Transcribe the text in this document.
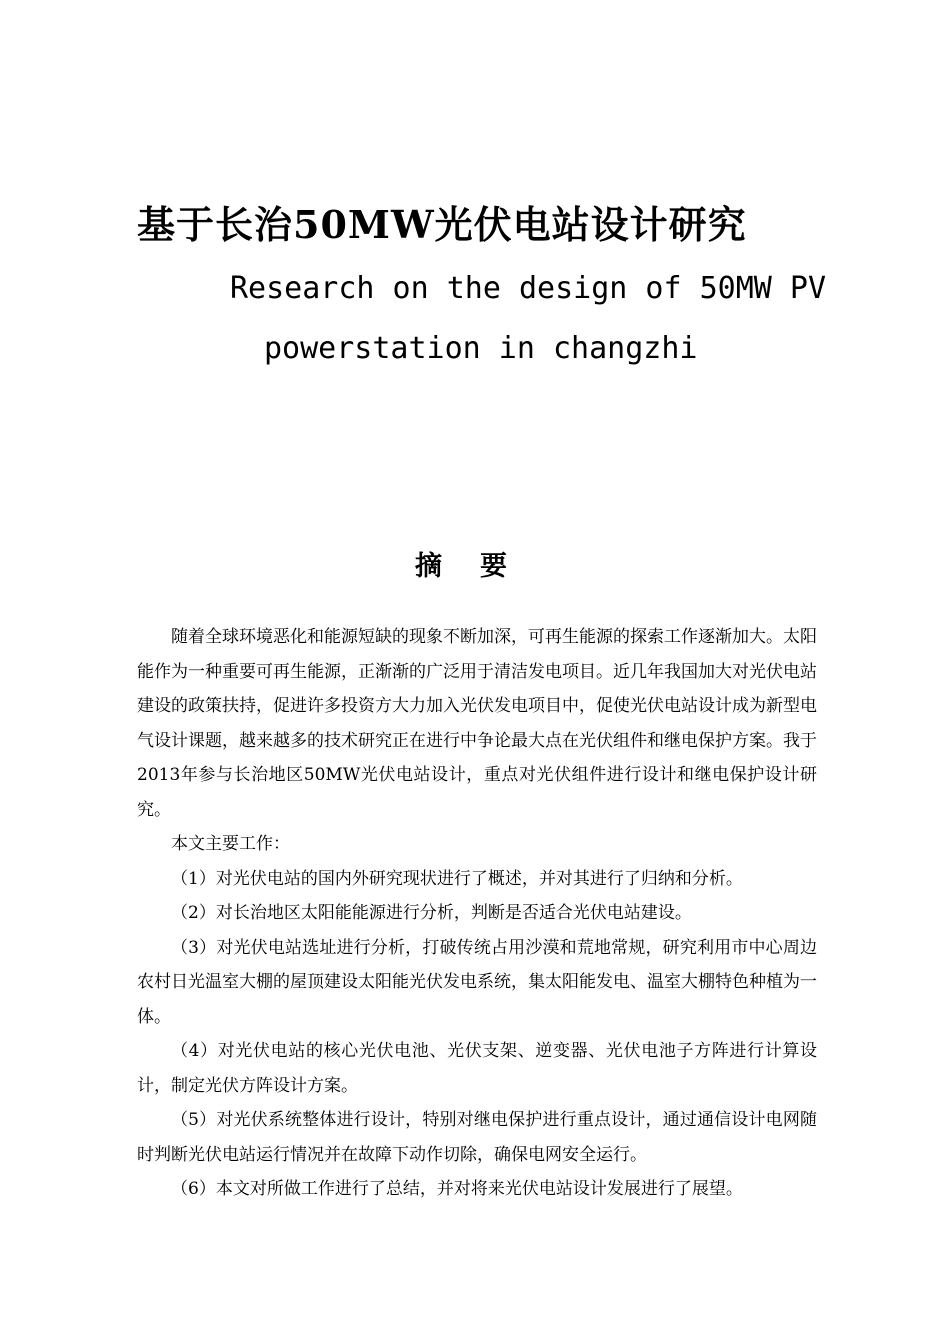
基于长治50MW光伏电站设计研究
Research on the design of 50MW PV
powerstation in changzhi
摘要

随着全球环境恶化和能源短缺的现象不断加深，可再生能源的探索工作逐渐加大。太阳能作为一种重要可再生能源，正渐渐的广泛用于清洁发电项目。近几年我国加大对光伏电站建设的政策扶持，促进许多投资方大力加入光伏发电项目中，促使光伏电站设计成为新型电气设计课题，越来越多的技术研究正在进行中争论最大点在光伏组件和继电保护方案。我于2013年参与长治地区50MW光伏电站设计，重点对光伏组件进行设计和继电保护设计研究。

本文主要工作：

（1）对光伏电站的国内外研究现状进行了概述，并对其进行了归纳和分析。

（2）对长治地区太阳能能源进行分析，判断是否适合光伏电站建设。

（3）对光伏电站选址进行分析，打破传统占用沙漠和荒地常规，研究利用市中心周边农村日光温室大棚的屋顶建设太阳能光伏发电系统，集太阳能发电、温室大棚特色种植为一体。

（4）对光伏电站的核心光伏电池、光伏支架、逆变器、光伏电池子方阵进行计算设计，制定光伏方阵设计方案。

（5）对光伏系统整体进行设计，特别对继电保护进行重点设计，通过通信设计电网随时判断光伏电站运行情况并在故障下动作切除，确保电网安全运行。

（6）本文对所做工作进行了总结，并对将来光伏电站设计发展进行了展望。
